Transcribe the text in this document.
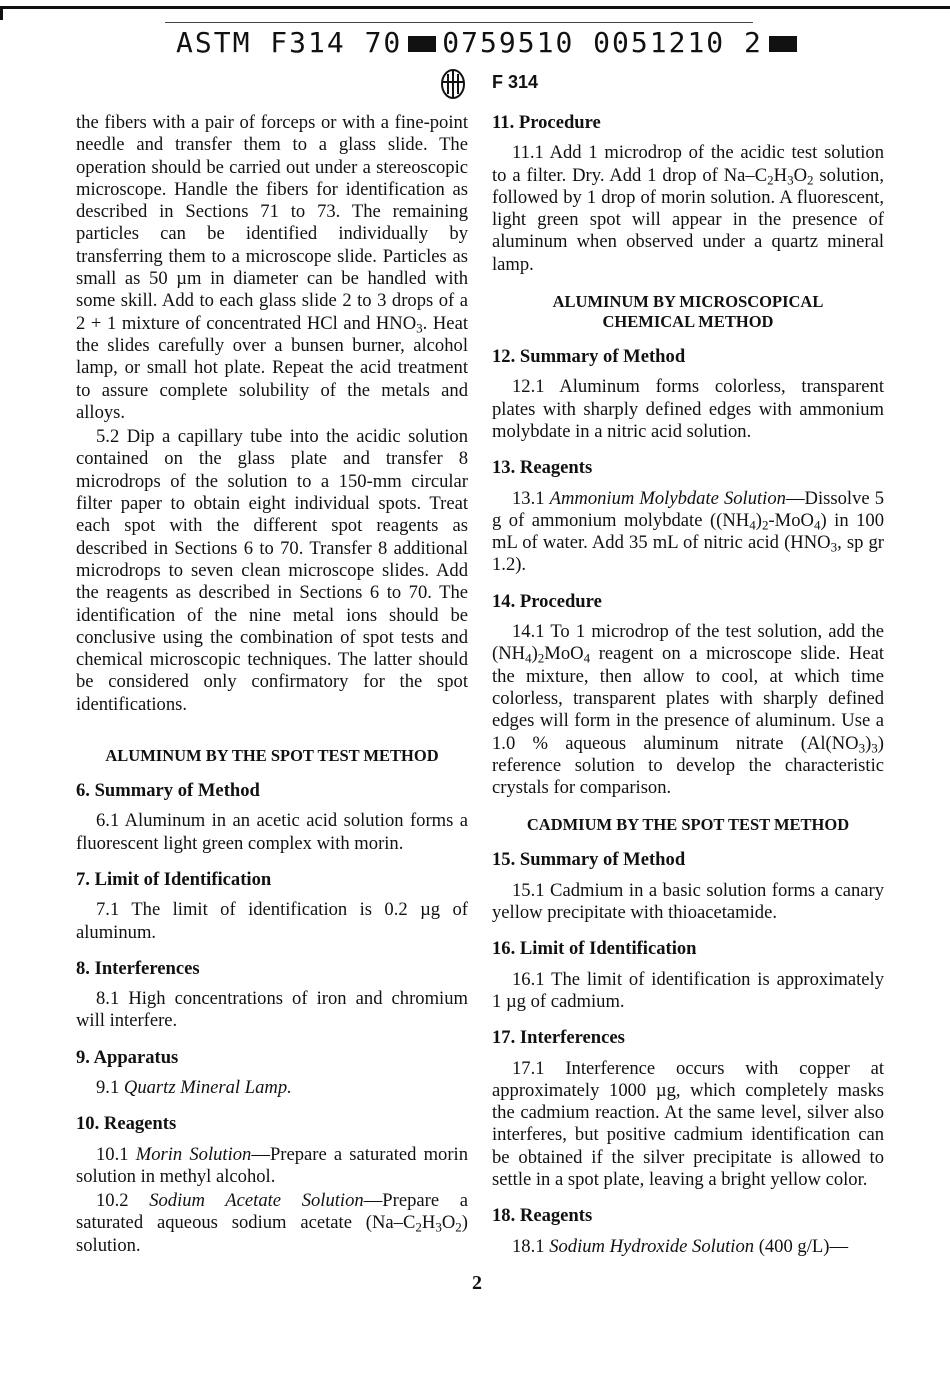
ASTM F314 70 0759510 0051210 2
F 314

the fibers with a pair of forceps or with a fine-point needle and transfer them to a glass slide. The operation should be carried out under a stereoscopic microscope. Handle the fibers for identification as described in Sections 71 to 73. The remaining particles can be identified individually by transferring them to a microscope slide. Particles as small as 50 µm in diameter can be handled with some skill. Add to each glass slide 2 to 3 drops of a 2 + 1 mixture of concentrated HCl and $HNO_3$. Heat the slides carefully over a bunsen burner, alcohol lamp, or small hot plate. Repeat the acid treatment to assure complete solubility of the metals and alloys.

5.2 Dip a capillary tube into the acidic solution contained on the glass plate and transfer 8 microdrops of the solution to a 150-mm circular filter paper to obtain eight individual spots. Treat each spot with the different spot reagents as described in Sections 6 to 70. Transfer 8 additional microdrops to seven clean microscope slides. Add the reagents as described in Sections 6 to 70. The identification of the nine metal ions should be conclusive using the combination of spot tests and chemical microscopic techniques. The latter should be considered only confirmatory for the spot identifications.

ALUMINUM BY THE SPOT TEST METHOD
6. Summary of Method

6.1 Aluminum in an acetic acid solution forms a fluorescent light green complex with morin.

7. Limit of Identification

7.1 The limit of identification is 0.2 µg of aluminum.

8. Interferences

8.1 High concentrations of iron and chromium will interfere.

9. Apparatus

9.1 Quartz Mineral Lamp.

10. Reagents

10.1 Morin Solution—Prepare a saturated morin solution in methyl alcohol.

10.2 Sodium Acetate Solution—Prepare a saturated aqueous sodium acetate $(Na-C_2H_3O_2)$ solution.

11. Procedure

11.1 Add 1 microdrop of the acidic test solution to a filter. Dry. Add 1 drop of $Na-C_2H_3O_2$ solution, followed by 1 drop of morin solution. A fluorescent, light green spot will appear in the presence of aluminum when observed under a quartz mineral lamp.

ALUMINUM BY MICROSCOPICAL
CHEMICAL METHOD
12. Summary of Method

12.1 Aluminum forms colorless, transparent plates with sharply defined edges with ammonium molybdate in a nitric acid solution.

13. Reagents

13.1 Ammonium Molybdate Solution—Dissolve 5 g of ammonium molybdate $((NH_4)_2-MoO_4)$ in 100 mL of water. Add 35 mL of nitric acid ($HNO_3$, sp gr 1.2).

14. Procedure

14.1 To 1 microdrop of the test solution, add the $(NH_4)_2MoO_4$ reagent on a microscope slide. Heat the mixture, then allow to cool, at which time colorless, transparent plates with sharply defined edges will form in the presence of aluminum. Use a 1.0 % aqueous aluminum nitrate $(Al(NO_3)_3)$ reference solution to develop the characteristic crystals for comparison.

CADMIUM BY THE SPOT TEST METHOD
15. Summary of Method

15.1 Cadmium in a basic solution forms a canary yellow precipitate with thioacetamide.

16. Limit of Identification

16.1 The limit of identification is approximately 1 µg of cadmium.

17. Interferences

17.1 Interference occurs with copper at approximately 1000 µg, which completely masks the cadmium reaction. At the same level, silver also interferes, but positive cadmium identification can be obtained if the silver precipitate is allowed to settle in a spot plate, leaving a bright yellow color.

18. Reagents

18.1 Sodium Hydroxide Solution (400 g/L)—

2
